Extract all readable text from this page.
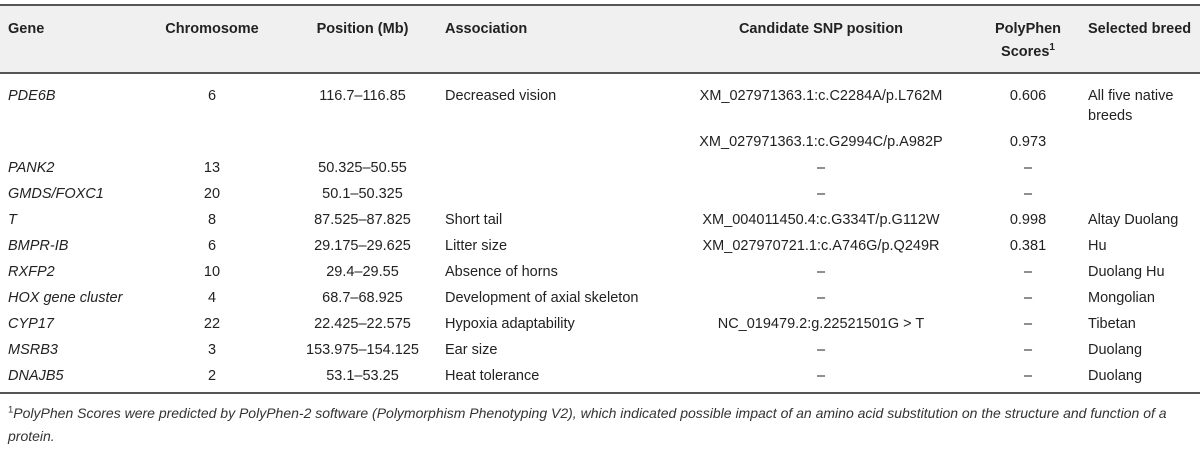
Gene	Chromosome	Position (Mb)	Association	Candidate SNP position	PolyPhen Scores$^1$	Selected breed
PDE6B	6	116.7–116.85	Decreased vision	XM_027971363.1:c.C2284A/p.L762M	0.606	All five native breeds
				XM_027971363.1:c.G2994C/p.A982P	0.973	
PANK2	13	50.325–50.55		–	–	
GMDS/FOXC1	20	50.1–50.325		–	–	
T	8	87.525–87.825	Short tail	XM_004011450.4:c.G334T/p.G112W	0.998	Altay Duolang
BMPR-IB	6	29.175–29.625	Litter size	XM_027970721.1:c.A746G/p.Q249R	0.381	Hu
RXFP2	10	29.4–29.55	Absence of horns	–	–	Duolang Hu
HOX gene cluster	4	68.7–68.925	Development of axial skeleton	–	–	Mongolian
CYP17	22	22.425–22.575	Hypoxia adaptability	NC_019479.2:g.22521501G > T	–	Tibetan
MSRB3	3	153.975–154.125	Ear size	–	–	Duolang
DNAJB5	2	53.1–53.25	Heat tolerance	–	–	Duolang
$^1$PolyPhen Scores were predicted by PolyPhen-2 software (Polymorphism Phenotyping V2), which indicated possible impact of an amino acid substitution on the structure and function of a protein.
